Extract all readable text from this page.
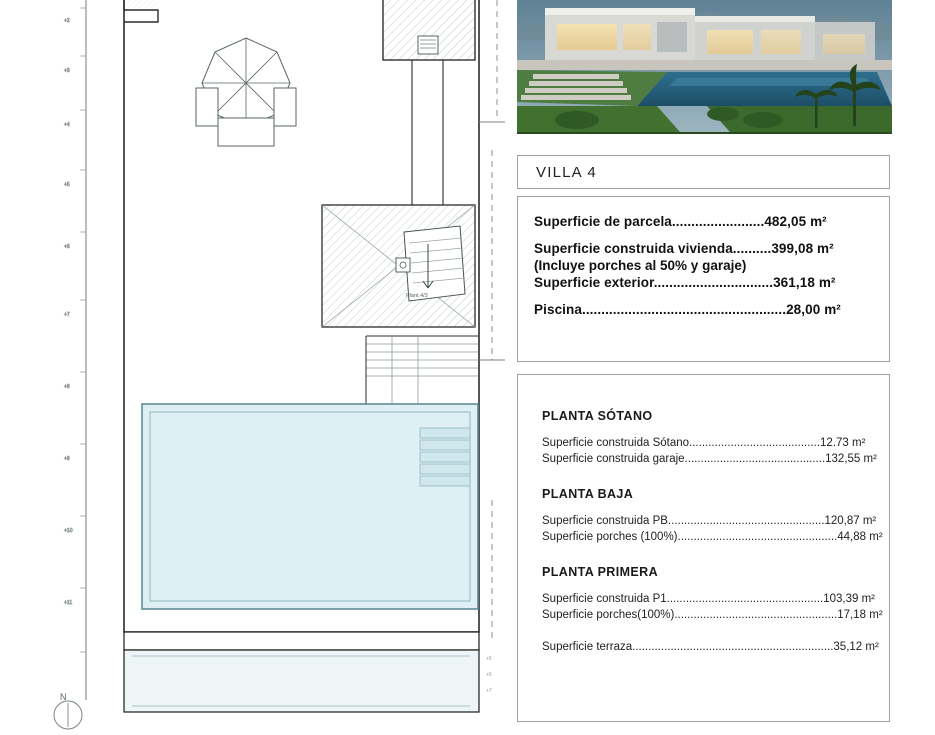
+2
+3
+4
+5
+6
+7
+8
+9
+10
+11
Plant.4/3
+5
+6
+7
N
VILLA 4
Superficie de parcela........................482,05 m²
Superficie construida vivienda..........399,08 m²
(Incluye porches al 50% y garaje)
Superficie exterior...............................361,18 m²
Piscina.....................................................28,00 m²
PLANTA SÓTANO
Superficie construida Sótano.........................................12.73 m²
Superficie construida garaje............................................132,55 m²
PLANTA BAJA
Superficie construida PB.................................................120,87 m²
Superficie porches (100%)..................................................44,88 m²
PLANTA PRIMERA
Superficie construida P1.................................................103,39 m²
Superficie porches(100%)...................................................17,18 m²
Superficie terraza...............................................................35,12 m²
